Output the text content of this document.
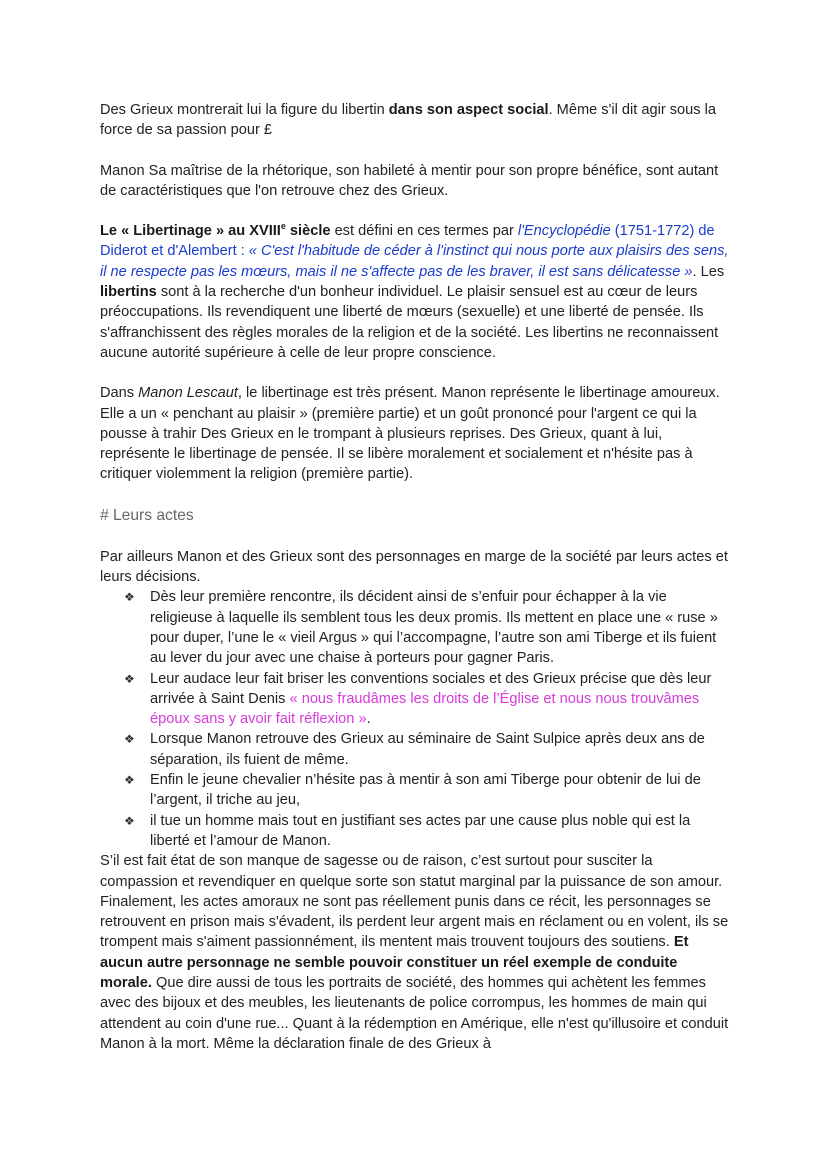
Des Grieux montrerait lui la figure du libertin dans son aspect social. Même s'il dit agir sous la force de sa passion pour £

Manon Sa maîtrise de la rhétorique, son habileté à mentir pour son propre bénéfice, sont autant de caractéristiques que l'on retrouve chez des Grieux.

Le « Libertinage » au XVIIIe siècle est défini en ces termes par l'Encyclopédie (1751-1772) de Diderot et d'Alembert : « C'est l'habitude de céder à l'instinct qui nous porte aux plaisirs des sens, il ne respecte pas les mœurs, mais il ne s'affecte pas de les braver, il est sans délicatesse ». Les libertins sont à la recherche d'un bonheur individuel. Le plaisir sensuel est au cœur de leurs préoccupations. Ils revendiquent une liberté de mœurs (sexuelle) et une liberté de pensée. Ils s'affranchissent des règles morales de la religion et de la société. Les libertins ne reconnaissent aucune autorité supérieure à celle de leur propre conscience.

Dans Manon Lescaut, le libertinage est très présent. Manon représente le libertinage amoureux. Elle a un « penchant au plaisir » (première partie) et un goût prononcé pour l'argent ce qui la pousse à trahir Des Grieux en le trompant à plusieurs reprises. Des Grieux, quant à lui, représente le libertinage de pensée. Il se libère moralement et socialement et n'hésite pas à critiquer violemment la religion (première partie).

# Leurs actes

Par ailleurs Manon et des Grieux sont des personnages en marge de la société par leurs actes et leurs décisions.

❖ Dès leur première rencontre, ils décident ainsi de s’enfuir pour échapper à la vie religieuse à laquelle ils semblent tous les deux promis. Ils mettent en place une « ruse » pour duper, l’une le « vieil Argus » qui l’accompagne, l’autre son ami Tiberge et ils fuient au lever du jour avec une chaise à porteurs pour gagner Paris.
❖ Leur audace leur fait briser les conventions sociales et des Grieux précise que dès leur arrivée à Saint Denis « nous fraudâmes les droits de l’Église et nous nous trouvâmes époux sans y avoir fait réflexion ».
❖ Lorsque Manon retrouve des Grieux au séminaire de Saint Sulpice après deux ans de séparation, ils fuient de même.
❖ Enfin le jeune chevalier n’hésite pas à mentir à son ami Tiberge pour obtenir de lui de l’argent, il triche au jeu,
❖ il tue un homme mais tout en justifiant ses actes par une cause plus noble qui est la liberté et l’amour de Manon.

S’il est fait état de son manque de sagesse ou de raison, c’est surtout pour susciter la compassion et revendiquer en quelque sorte son statut marginal par la puissance de son amour.

Finalement, les actes amoraux ne sont pas réellement punis dans ce récit, les personnages se retrouvent en prison mais s'évadent, ils perdent leur argent mais en réclament ou en volent, ils se trompent mais s'aiment passionnément, ils mentent mais trouvent toujours des soutiens. Et aucun autre personnage ne semble pouvoir constituer un réel exemple de conduite morale. Que dire aussi de tous les portraits de société, des hommes qui achètent les femmes avec des bijoux et des meubles, les lieutenants de police corrompus, les hommes de main qui attendent au coin d'une rue... Quant à la rédemption en Amérique, elle n'est qu'illusoire et conduit Manon à la mort. Même la déclaration finale de des Grieux à
